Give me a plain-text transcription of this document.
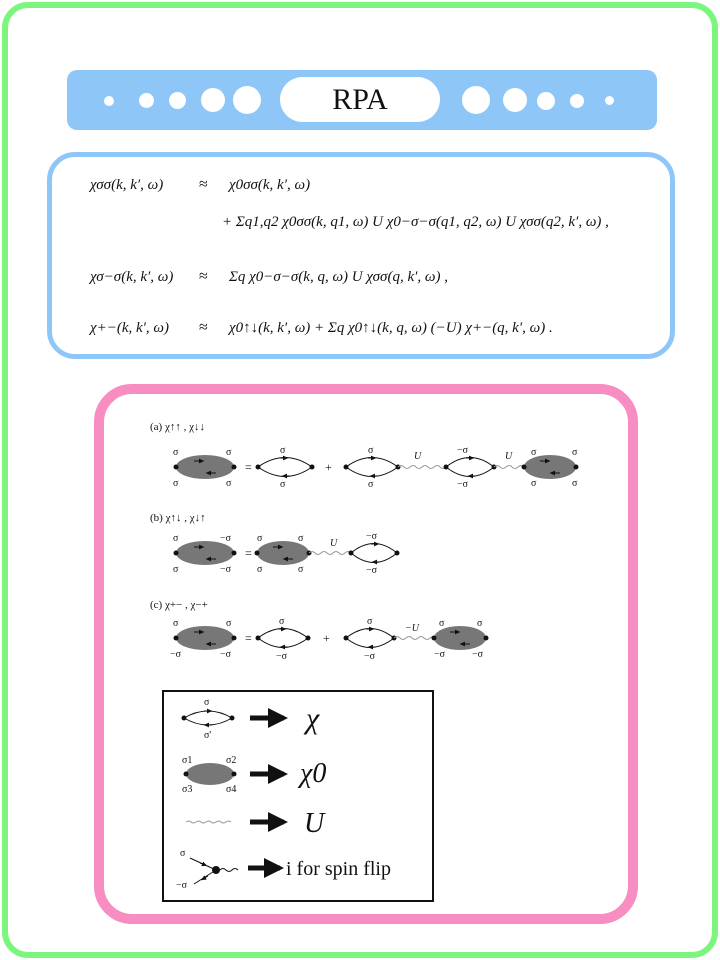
RPA
χσσ(k, k′, ω) ≈ χ0σσ(k, k′, ω)
+ Σq1,q2 χ0σσ(k, q1, ω) U χ0−σ−σ(q1, q2, ω) U χσσ(q2, k′, ω) ,
χσ−σ(k, k′, ω) ≈ Σq χ0−σ−σ(k, q, ω) U χσσ(q, k′, ω) ,
χ+−(k, k′, ω) ≈ χ0↑↓(k, k′, ω) + Σq χ0↑↓(k, q, ω) (−U) χ+−(q, k′, ω) .
(a) χ↑↑ , χ↓↓
σ	σ
σ	σ
=
σ
σ
+
σ
σ
U
−σ
−σ
U σ	σ
σ	σ
(b) χ↑↓ , χ↓↑
σ	−σ
σ	−σ
=
σ	σ
σ	σ
U
−σ
−σ
(c) χ+− , χ−+
σ	σ
−σ	−σ
=
σ
−σ
+
σ
−σ
−U σ	σ
−σ	−σ
σ
σ'
χ
σ1	σ2
σ3	σ4
χ0
U
σ
−σ
i for spin flip
